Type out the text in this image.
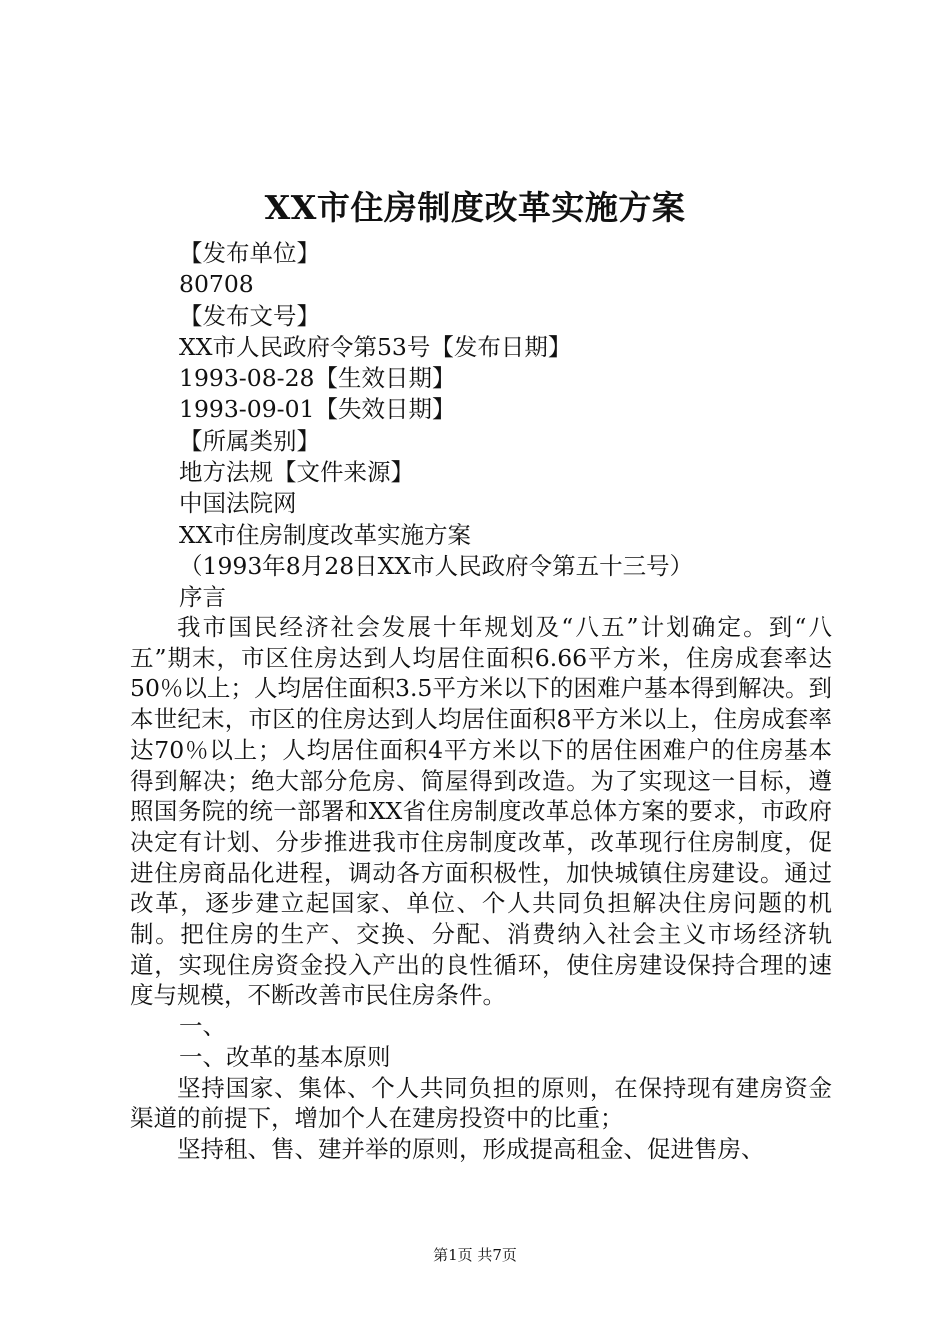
XX市住房制度改革实施方案
【发布单位】
80708
【发布文号】
XX市人民政府令第53号【发布日期】
1993-08-28【生效日期】
1993-09-01【失效日期】
【所属类别】
地方法规【文件来源】
中国法院网
XX市住房制度改革实施方案
（1993年8月28日XX市人民政府令第五十三号）
序言

我市国民经济社会发展十年规划及“八五”计划确定。到“八五”期末，市区住房达到人均居住面积6.66平方米，住房成套率达50％以上；人均居住面积3.5平方米以下的困难户基本得到解决。到本世纪末，市区的住房达到人均居住面积8平方米以上，住房成套率达70％以上；人均居住面积4平方米以下的居住困难户的住房基本得到解决；绝大部分危房、简屋得到改造。为了实现这一目标，遵照国务院的统一部署和XX省住房制度改革总体方案的要求，市政府决定有计划、分步推进我市住房制度改革，改革现行住房制度，促进住房商品化进程，调动各方面积极性，加快城镇住房建设。通过改革，逐步建立起国家、单位、个人共同负担解决住房问题的机制。把住房的生产、交换、分配、消费纳入社会主义市场经济轨道，实现住房资金投入产出的良性循环，使住房建设保持合理的速度与规模，不断改善市民住房条件。

一、
一、改革的基本原则

坚持国家、集体、个人共同负担的原则，在保持现有建房资金渠道的前提下，增加个人在建房投资中的比重；

坚持租、售、建并举的原则，形成提高租金、促进售房、

第1页 共7页
